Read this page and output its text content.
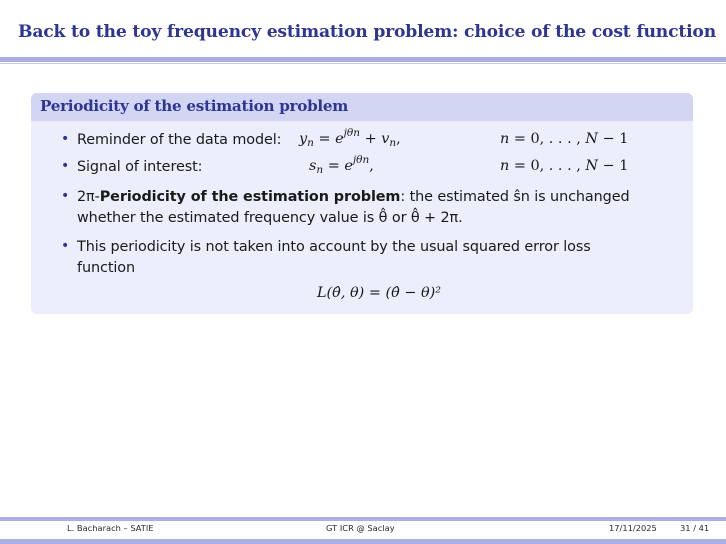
Back to the toy frequency estimation problem: choice of the cost function
Periodicity of the estimation problem
• Reminder of the data model: $y_n = e^{j\theta n} + v_n$,	n = 0, . . . , N − 1
• Signal of interest:	$s_n = e^{j\theta n}$,	n = 0, . . . , N − 1
• 2π-Periodicity of the estimation problem: the estimated ŝn is unchanged
whether the estimated frequency value is θ̂ or θ̂ + 2π.
• This periodicity is not taken into account by the usual squared error loss
function
L(θ̂, θ) = (θ̂ − θ)²
L. Bacharach – SATIE	GT ICR @ Saclay	17/11/2025	31 / 41
